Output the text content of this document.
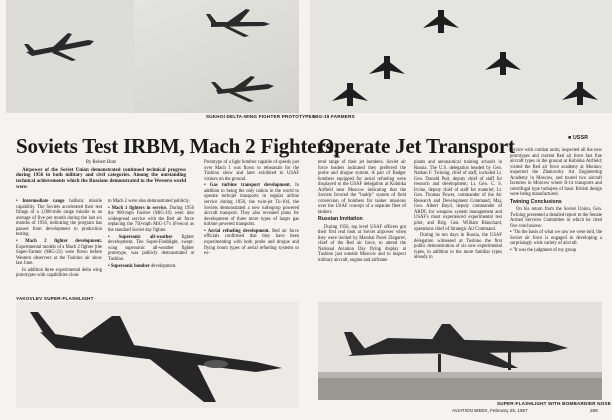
SUKHOI DELTA-WING FIGHTER PROTOTYPES
MIG-19 FARMERS
Soviets Test IRBM, Mach 2 Fighters,
Operate Jet Transport	■ USSR
By Robert Hotz

Airpower of the Soviet Union demonstrated continued technical progress during 1956 in both military and civil categories. Among the outstanding technical achievements which the Russians demonstrated to the Western world were:

• Intermediate range ballistic missile capability. The Soviets accelerated their test firings of a 1,000-mile range missile to an average of five per month during the last six months of 1956, indicating the program has passed from development to production testing.

• Mach 2 fighter development. Experimental models of a Mach 2 fighter (the Super-Farmer (MiG-21) were flown before Western observers at the Tushino air show last June.

In addition three experimental delta wing prototypes with capabilities close

to Mach 2 were also demonstrated publicly.

• Mach 1 fighters in service. During 1956 the 900-mph Farmer (MiG-19) went into widespread service with the Red air force replacing the 750-mph MiG-17's (Fresco) as the standard Soviet day fighter.

• Supersonic all-weather fighter development. The Super-Flashlight, swept-wing supersonic all-weather fighter prototype, was publicly demonstrated at Tushino.

• Supersonic bomber development.

Prototype of a light bomber capable of speeds just over Mach 1 was flown to rehearsals for the Tushino show and later exhibited to USAF visitors on the ground.

• Gas turbine transport development. In addition to being the only nation in the world to operate turbojet transports in regular airline service during 1956, the twin-jet Tu-104, the Soviets demonstrated a new turboprop powered aircraft transport. They also revealed plans for development of three more types of larger gas turbine powered transports.

• Aerial refueling development. Red air force officials confirmed that they have been experimenting with both probe and drogue and flying boom types of aerial refueling systems to ex-

tend range of their jet bombers. Soviet air force leaders indicated they preferred the probe and drogue system. A pair of Badger bombers equipped for aerial refueling were displayed to the USAF delegation at Kubinka Airfield near Moscow indicating that the Soviets favored the "buddy" system of field conversion of bombers for tanker missions over the USAF concept of a separate fleet of tankers.

Russian Invitation

During 1956, top level USAF officers got their first real look at Soviet airpower when they were invited by Marshal Pavel Zhigarev, chief of the Red air force, to attend the National Aviation Day flying display at Tushino just outside Moscow and to inspect military aircraft, engine and airframe

plants and aeronautical training schools in Russia. The U.S. delegation headed by Gen. Nathan F. Twining, chief of staff, included Lt. Gen. Donald Putt, deputy chief of staff for research and development; Lt. Gen. C. S. Irvine, deputy chief of staff for materiel; Lt. Gen. Thomas Power, commander of the Air Research and Development Command; Maj. Gen. Albert Boyd, deputy commander of ARDC for weapons system management and USAF's most experienced experimental test pilot, and Brig. Gen. William Blanchard, operations chief of Strategic Air Command.

During its ten days in Russia, the USAF delegation witnessed at Tushino the first public demonstration of six new experimental types, in addition to the more familiar types already in

service with combat units; inspected all the new prototypes and current Red air force fast fine aircraft types in the ground at Kubinka Airfield; visited the Red air force academy at Monino; inspected the Zhukovsky Air Engineering Academy in Moscow, and toured two aircraft factories in Moscow where Il-14 transports and centrifugal type turbojets of basic British design were being manufactured.

Twining Conclusions

On his return from the Soviet Union, Gen. Twining presented a detailed report to the Senate Armed Services Committee in which he cited five conclusions:

• "On the basis of what we saw we were told, the Soviet air force is engaged in developing a surprisingly wide variety of aircraft.

• "It was the judgment of my group

YAKOVLEV SUPER-FLASHLIGHT
SUPER-FLASHLIGHT WITH BOMBARDIER NOSE
AVIATION WEEK, February 25, 1957	289
